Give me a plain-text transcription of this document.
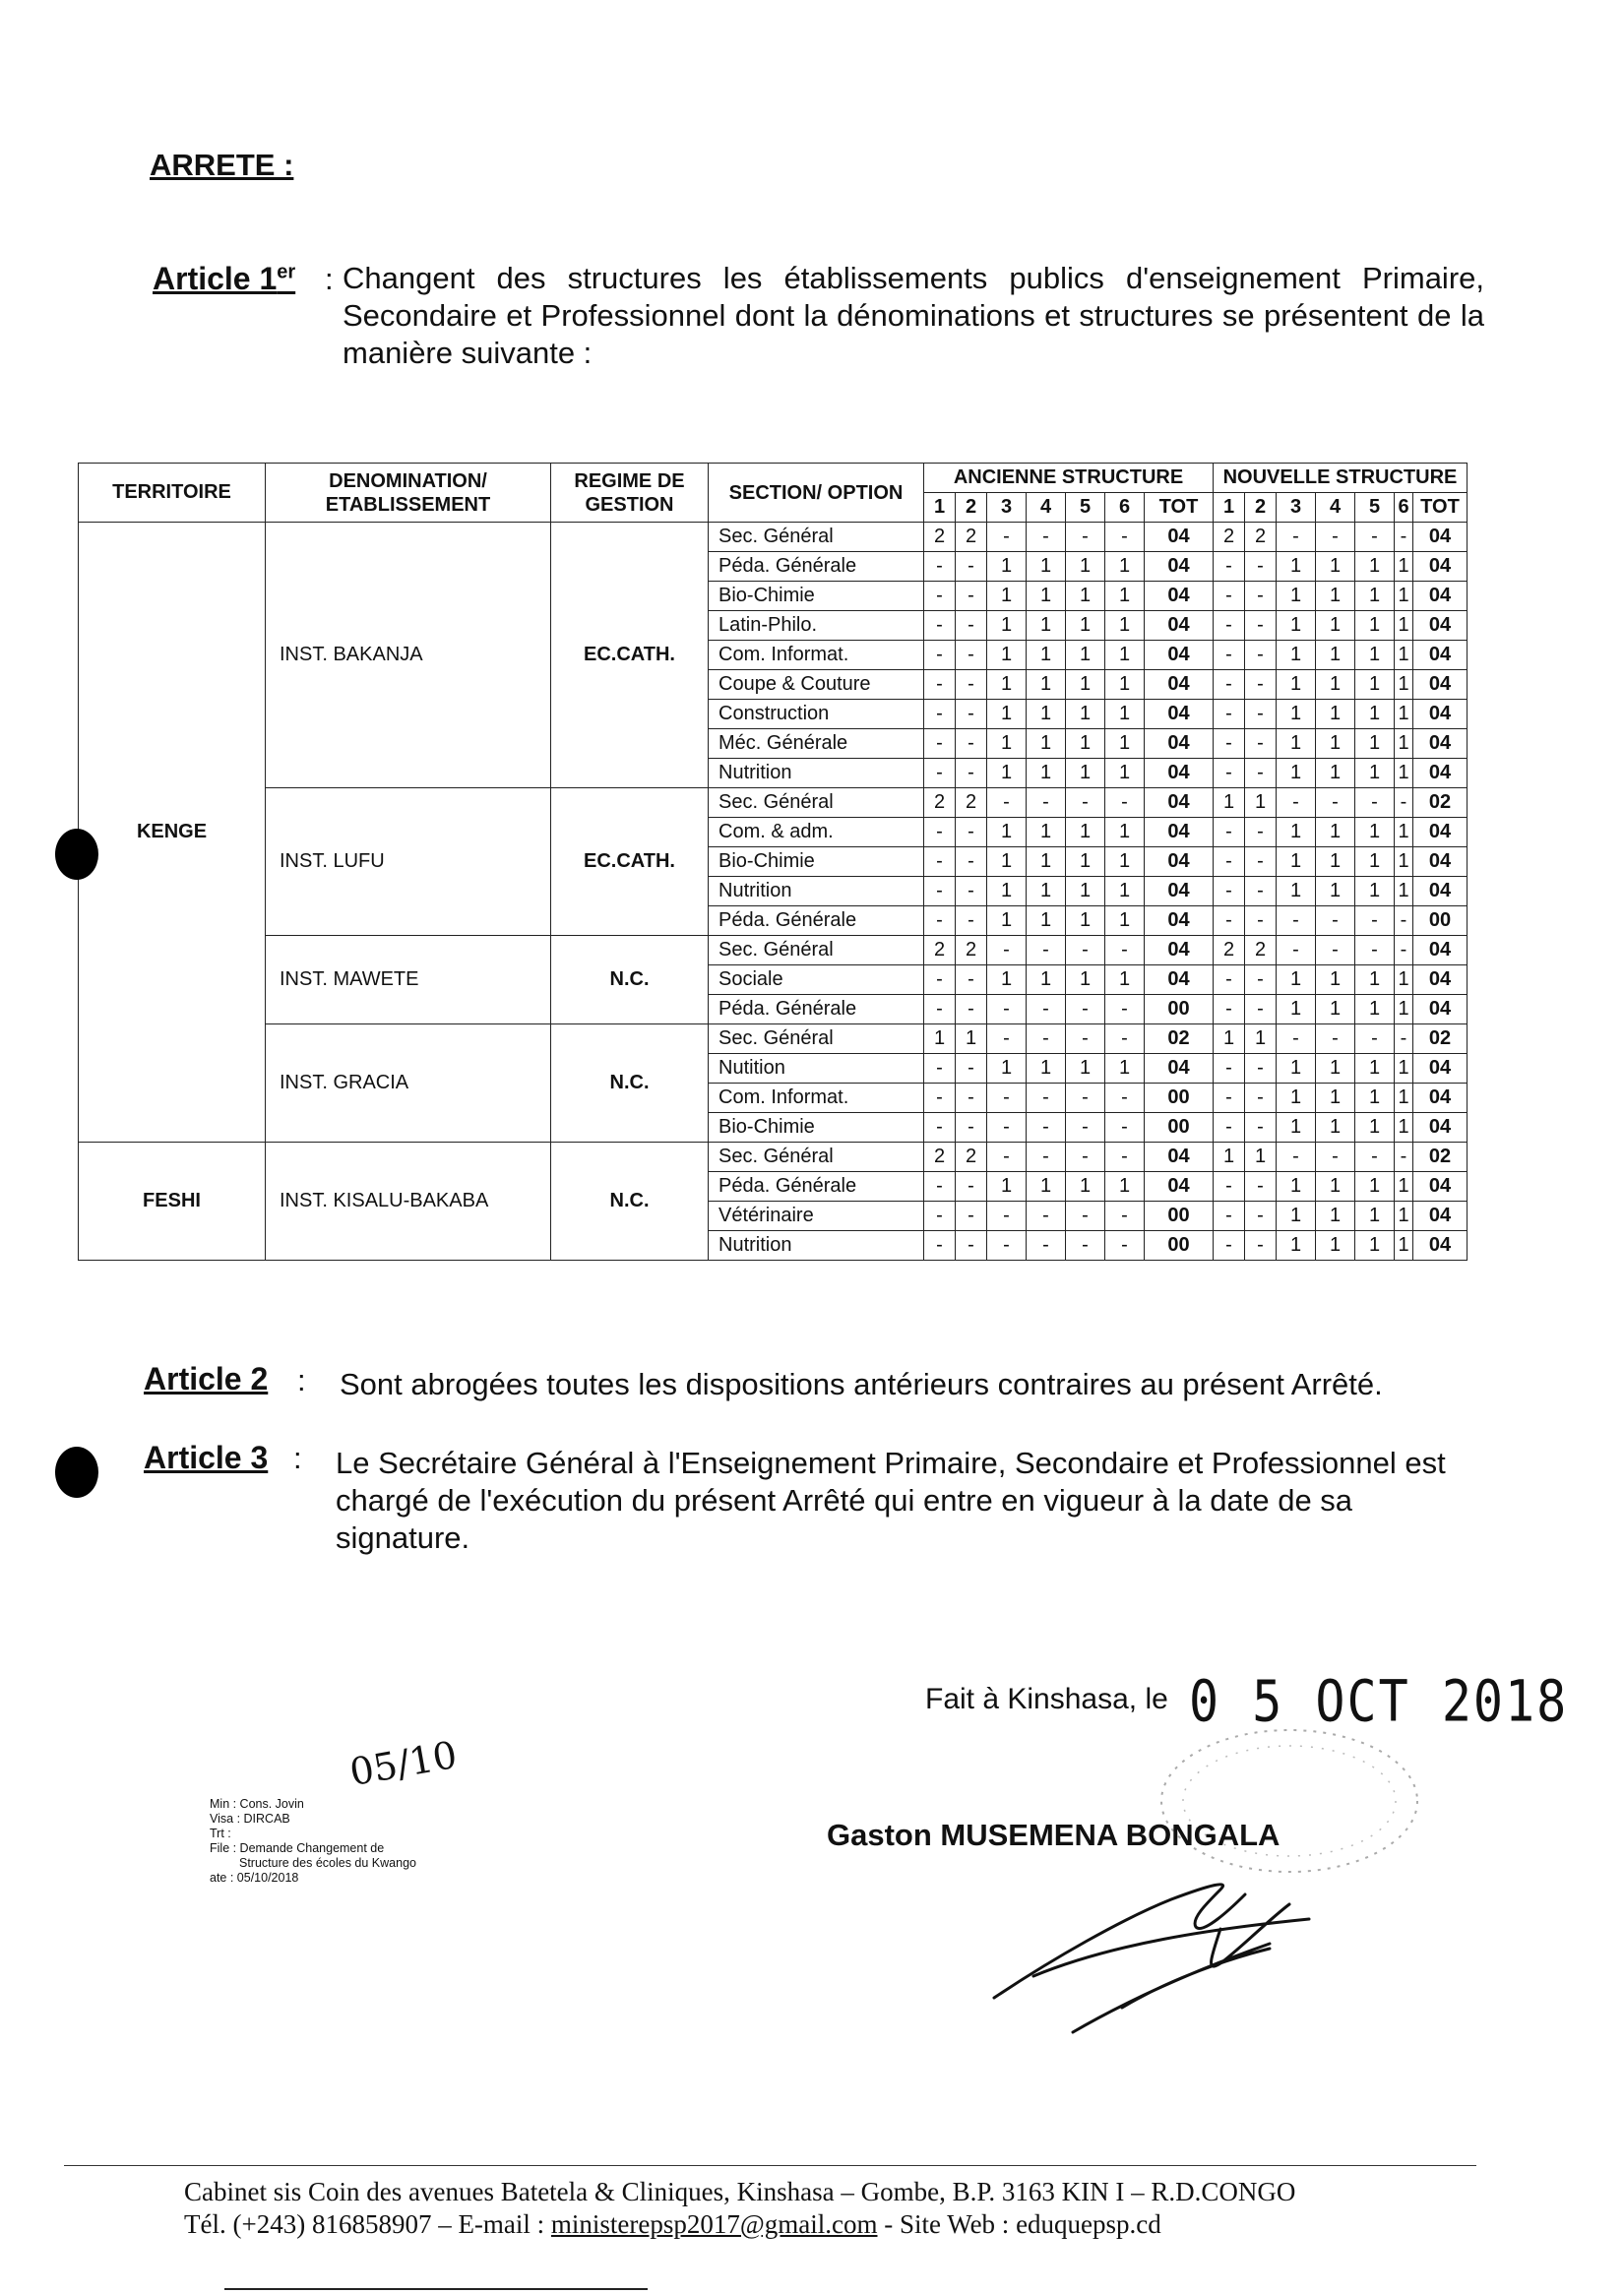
ARRETE :
Article 1er : Changent des structures les établissements publics d'enseignement Primaire, Secondaire et Professionnel dont la dénominations et structures se présentent de la manière suivante :
TERRITOIRE	DENOMINATION/ ETABLISSEMENT	REGIME DE GESTION	SECTION/ OPTION	ANCIENNE STRUCTURE							NOUVELLE STRUCTURE						
				1	2	3	4	5	6	TOT	1	2	3	4	5	6	TOT
KENGE	INST. BAKANJA	EC.CATH.	Sec. Général	2	2	-	-	-	-	04	2	2	-	-	-	-	04
			Péda. Générale	-	-	1	1	1	1	04	-	-	1	1	1	1	04
			Bio-Chimie	-	-	1	1	1	1	04	-	-	1	1	1	1	04
			Latin-Philo.	-	-	1	1	1	1	04	-	-	1	1	1	1	04
			Com. Informat.	-	-	1	1	1	1	04	-	-	1	1	1	1	04
			Coupe & Couture	-	-	1	1	1	1	04	-	-	1	1	1	1	04
			Construction	-	-	1	1	1	1	04	-	-	1	1	1	1	04
			Méc. Générale	-	-	1	1	1	1	04	-	-	1	1	1	1	04
			Nutrition	-	-	1	1	1	1	04	-	-	1	1	1	1	04
	INST. LUFU	EC.CATH.	Sec. Général	2	2	-	-	-	-	04	1	1	-	-	-	-	02
			Com. & adm.	-	-	1	1	1	1	04	-	-	1	1	1	1	04
			Bio-Chimie	-	-	1	1	1	1	04	-	-	1	1	1	1	04
			Nutrition	-	-	1	1	1	1	04	-	-	1	1	1	1	04
			Péda. Générale	-	-	1	1	1	1	04	-	-	-	-	-	-	00
	INST. MAWETE	N.C.	Sec. Général	2	2	-	-	-	-	04	2	2	-	-	-	-	04
			Sociale	-	-	1	1	1	1	04	-	-	1	1	1	1	04
			Péda. Générale	-	-	-	-	-	-	00	-	-	1	1	1	1	04
	INST. GRACIA	N.C.	Sec. Général	1	1	-	-	-	-	02	1	1	-	-	-	-	02
			Nutition	-	-	1	1	1	1	04	-	-	1	1	1	1	04
			Com. Informat.	-	-	-	-	-	-	00	-	-	1	1	1	1	04
			Bio-Chimie	-	-	-	-	-	-	00	-	-	1	1	1	1	04
FESHI	INST. KISALU-BAKABA	N.C.	Sec. Général	2	2	-	-	-	-	04	1	1	-	-	-	-	02
			Péda. Générale	-	-	1	1	1	1	04	-	-	1	1	1	1	04
			Vétérinaire	-	-	-	-	-	-	00	-	-	1	1	1	1	04
			Nutrition	-	-	-	-	-	-	00	-	-	1	1	1	1	04
Article 2 : Sont abrogées toutes les dispositions antérieurs contraires au présent Arrêté.
Article 3 : Le Secrétaire Général à l'Enseignement Primaire, Secondaire et Professionnel est chargé de l'exécution du présent Arrêté qui entre en vigueur à la date de sa signature.
Fait à Kinshasa, le 0 5 OCT 2018
Gaston MUSEMENA BONGALA
Min : Cons. Jovin
Visa : DIRCAB
Trt :
File : Demande Changement de
Structure des écoles du Kwango
ate : 05/10/2018
05/10
Cabinet sis Coin des avenues Batetela & Cliniques, Kinshasa – Gombe, B.P. 3163 KIN I – R.D.CONGO
Tél. (+243) 816858907 – E-mail : ministerepsp2017@gmail.com - Site Web : eduquepsp.cd
